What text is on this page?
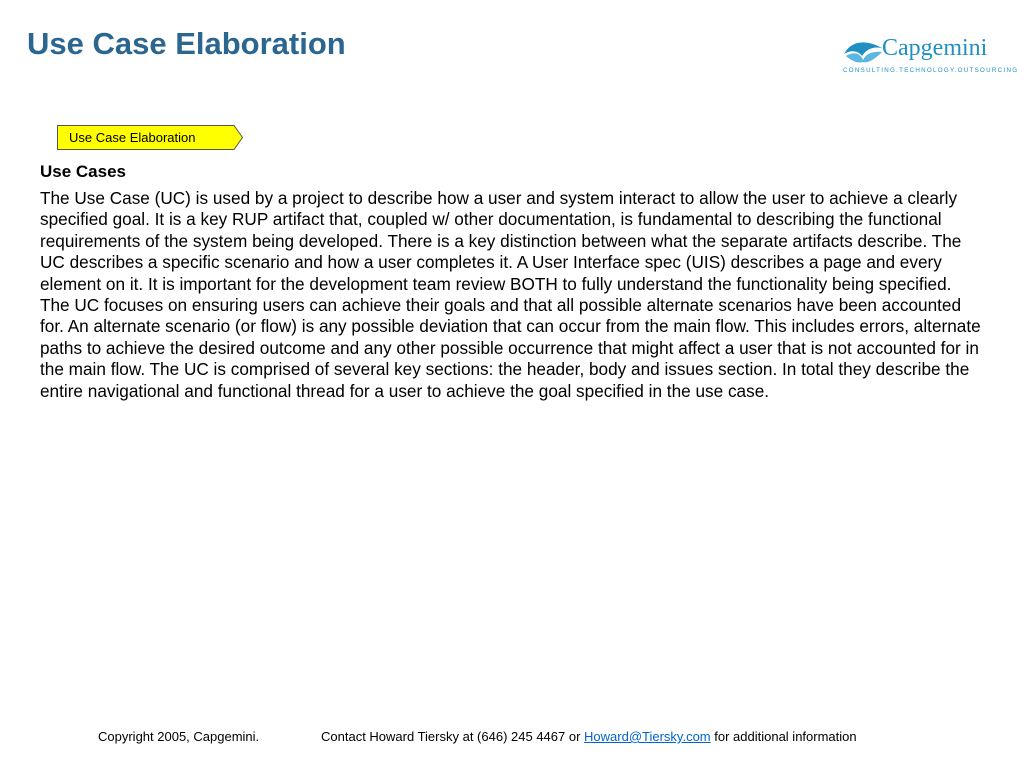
Use Case Elaboration	Capgemini
CONSULTING.TECHNOLOGY.OUTSOURCING
Use Case Elaboration
Use Cases

The Use Case (UC) is used by a project to describe how a user and system interact to allow the user to achieve a clearly specified goal. It is a key RUP artifact that, coupled w/ other documentation, is fundamental to describing the functional requirements of the system being developed. There is a key distinction between what the separate artifacts describe. The UC describes a specific scenario and how a user completes it. A User Interface spec (UIS) describes a page and every element on it. It is important for the development team review BOTH to fully understand the functionality being specified. The UC focuses on ensuring users can achieve their goals and that all possible alternate scenarios have been accounted for. An alternate scenario (or flow) is any possible deviation that can occur from the main flow. This includes errors, alternate paths to achieve the desired outcome and any other possible occurrence that might affect a user that is not accounted for in the main flow. The UC is comprised of several key sections: the header, body and issues section. In total they describe the entire navigational and functional thread for a user to achieve the goal specified in the use case.

Copyright 2005, Capgemini.	Contact Howard Tiersky at (646) 245 4467 or Howard@Tiersky.com for additional information
